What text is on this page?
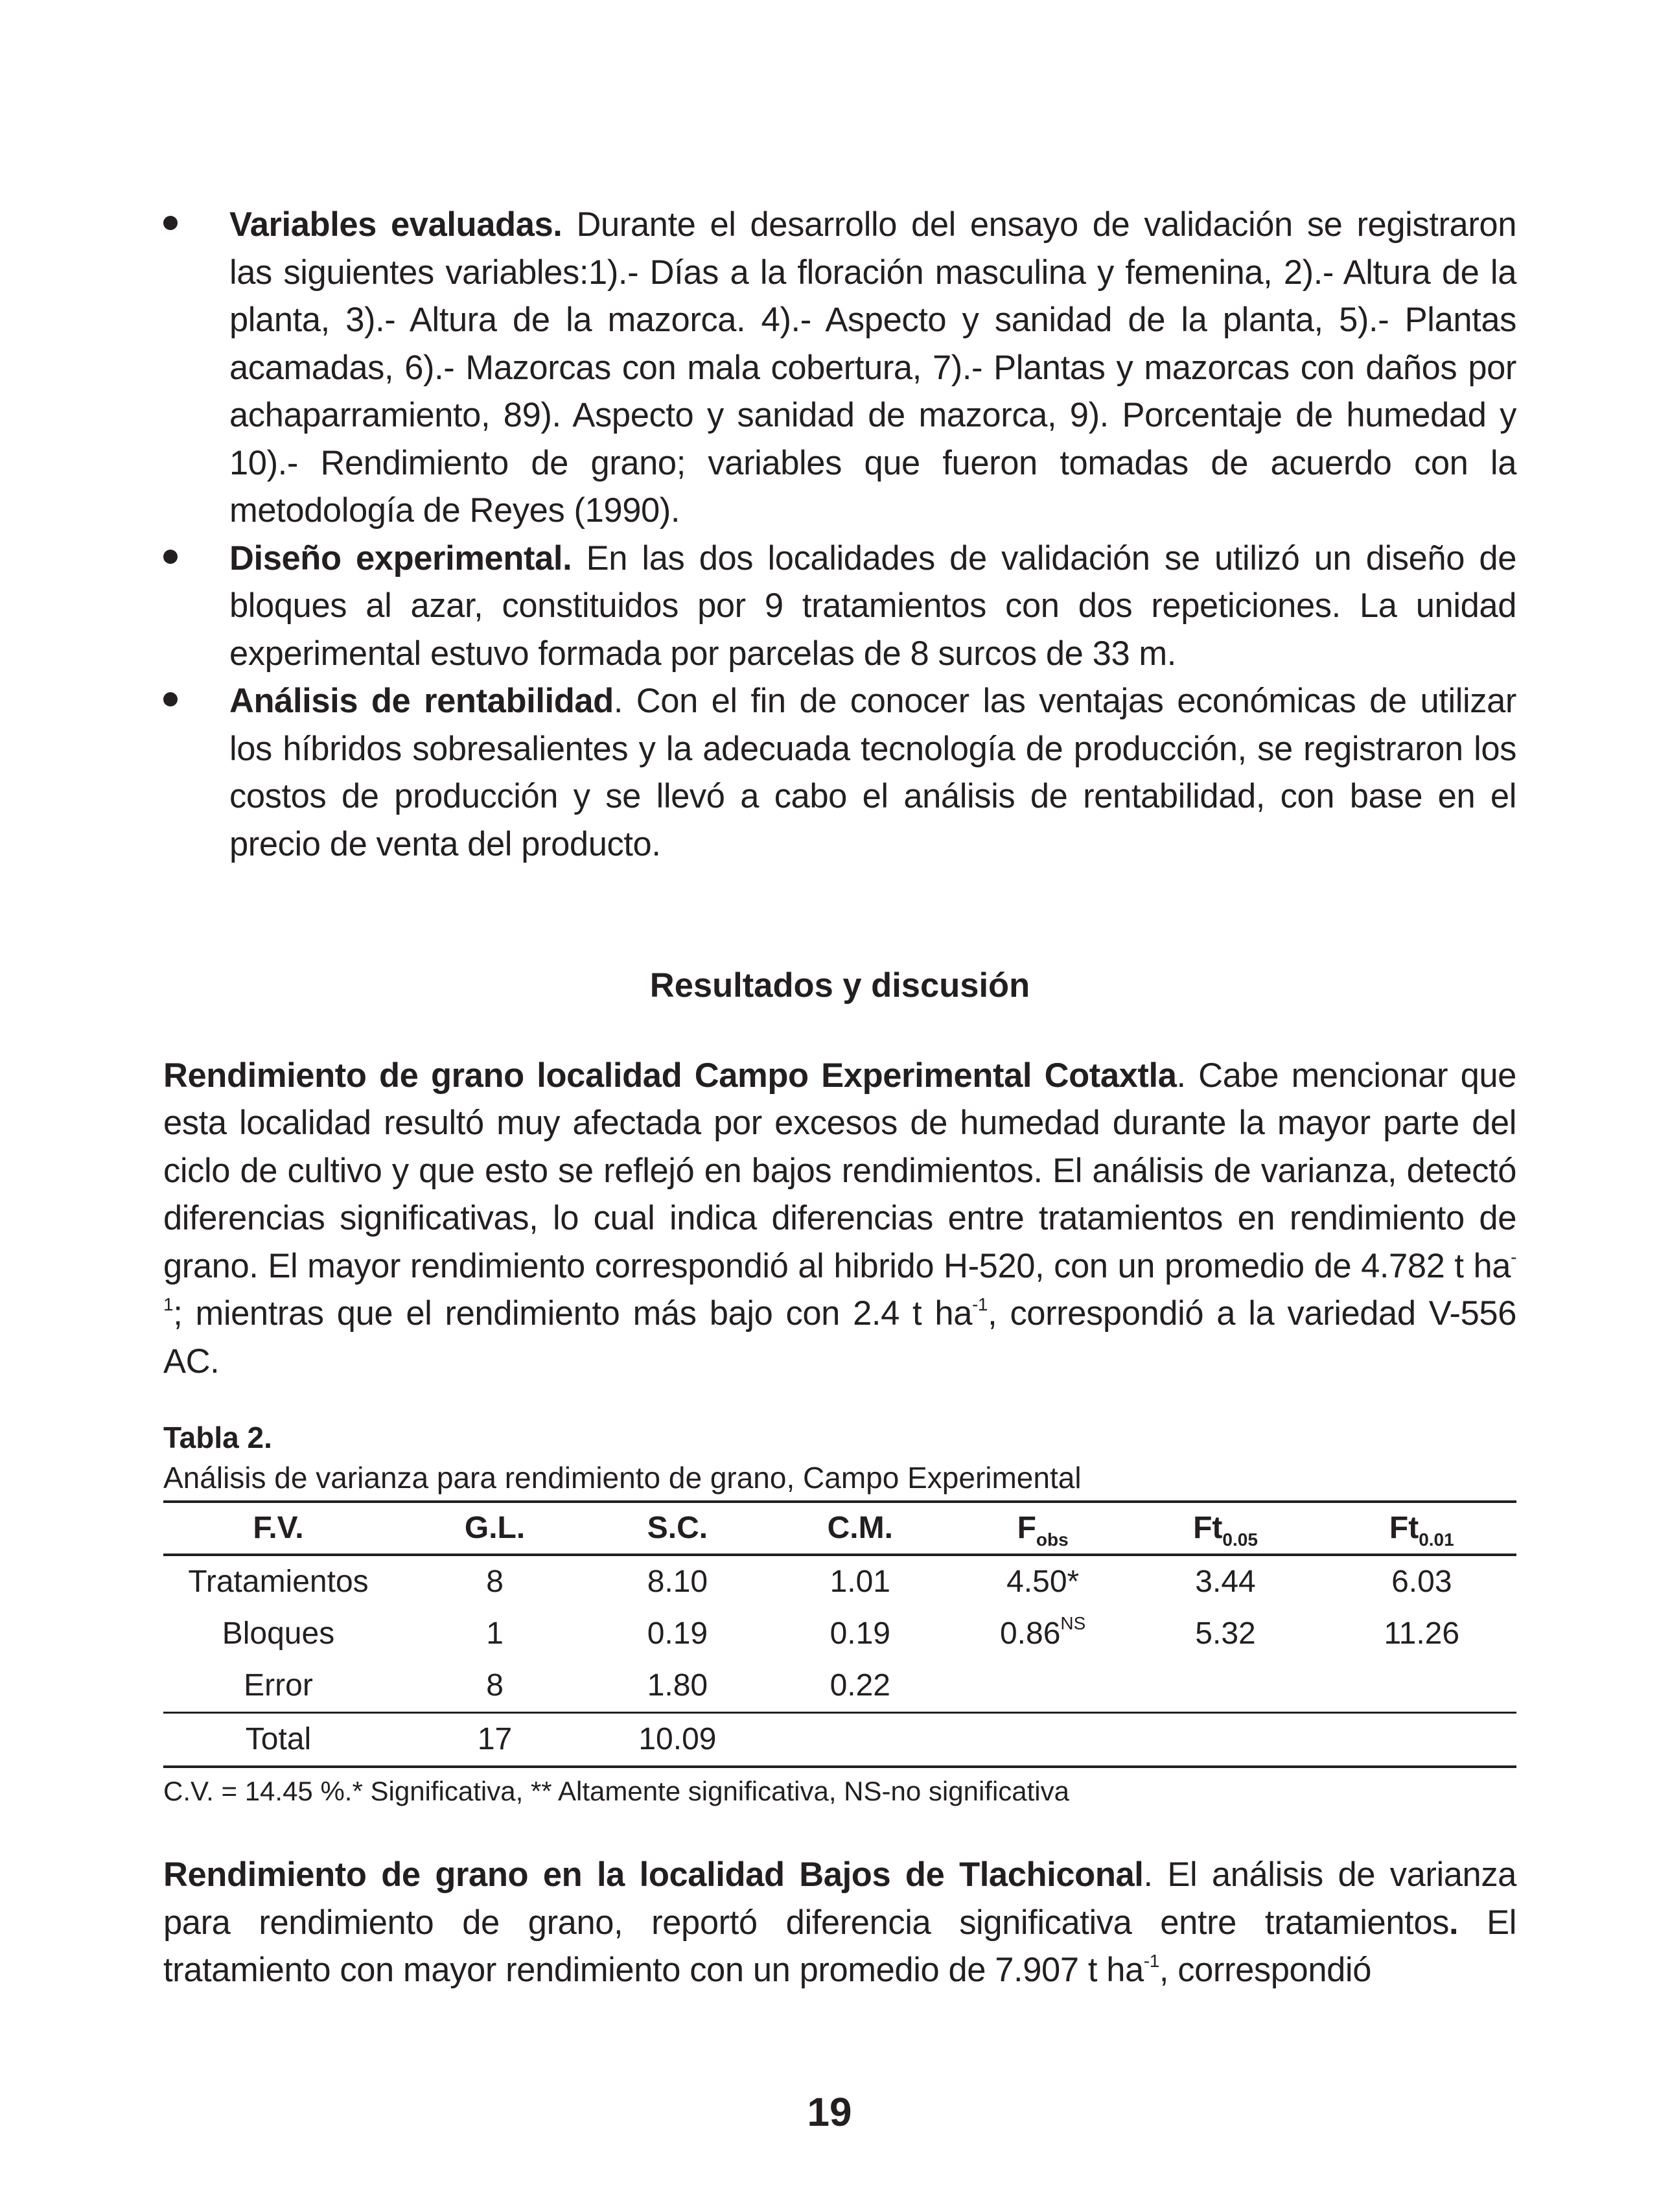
Variables evaluadas. Durante el desarrollo del ensayo de validación se registraron las siguientes variables:1).- Días a la floración masculina y femenina, 2).- Altura de la planta, 3).- Altura de la mazorca. 4).- Aspecto y sanidad de la planta, 5).- Plantas acamadas, 6).- Mazorcas con mala cobertura, 7).- Plantas y mazorcas con daños por achaparramiento, 89). Aspecto y sanidad de mazorca, 9). Porcentaje de humedad y 10).- Rendimiento de grano; variables que fueron tomadas de acuerdo con la metodología de Reyes (1990).

Diseño experimental. En las dos localidades de validación se utilizó un diseño de bloques al azar, constituidos por 9 tratamientos con dos repeticiones. La unidad experimental estuvo formada por parcelas de 8 surcos de 33 m.

Análisis de rentabilidad. Con el fin de conocer las ventajas económicas de utilizar los híbridos sobresalientes y la adecuada tecnología de producción, se registraron los costos de producción y se llevó a cabo el análisis de rentabilidad, con base en el precio de venta del producto.

Resultados y discusión

Rendimiento de grano localidad Campo Experimental Cotaxtla. Cabe mencionar que esta localidad resultó muy afectada por excesos de humedad durante la mayor parte del ciclo de cultivo y que esto se reflejó en bajos rendimientos. El análisis de varianza, detectó diferencias significativas, lo cual indica diferencias entre tratamientos en rendimiento de grano. El mayor rendimiento correspondió al hibrido H-520, con un promedio de 4.782 t $ha^{-1}$; mientras que el rendimiento más bajo con 2.4 t $ha^{-1}$, correspondió a la variedad V-556 AC.

Tabla 2.

Análisis de varianza para rendimiento de grano, Campo Experimental

F.V.	G.L.	S.C.	C.M.	$F_{obs}$	$Ft_{0.05}$	$Ft_{0.01}$
Tratamientos	8	8.10	1.01	4.50*	3.44	6.03
Bloques	1	0.19	0.19	$0.86^{NS}$	5.32	11.26
Error	8	1.80	0.22			
Total	17	10.09				

C.V. = 14.45 %.* Significativa, ** Altamente significativa, NS-no significativa

Rendimiento de grano en la localidad Bajos de Tlachiconal. El análisis de varianza para rendimiento de grano, reportó diferencia significativa entre tratamientos. El tratamiento con mayor rendimiento con un promedio de 7.907 t $ha^{-1}$, correspondió

19
